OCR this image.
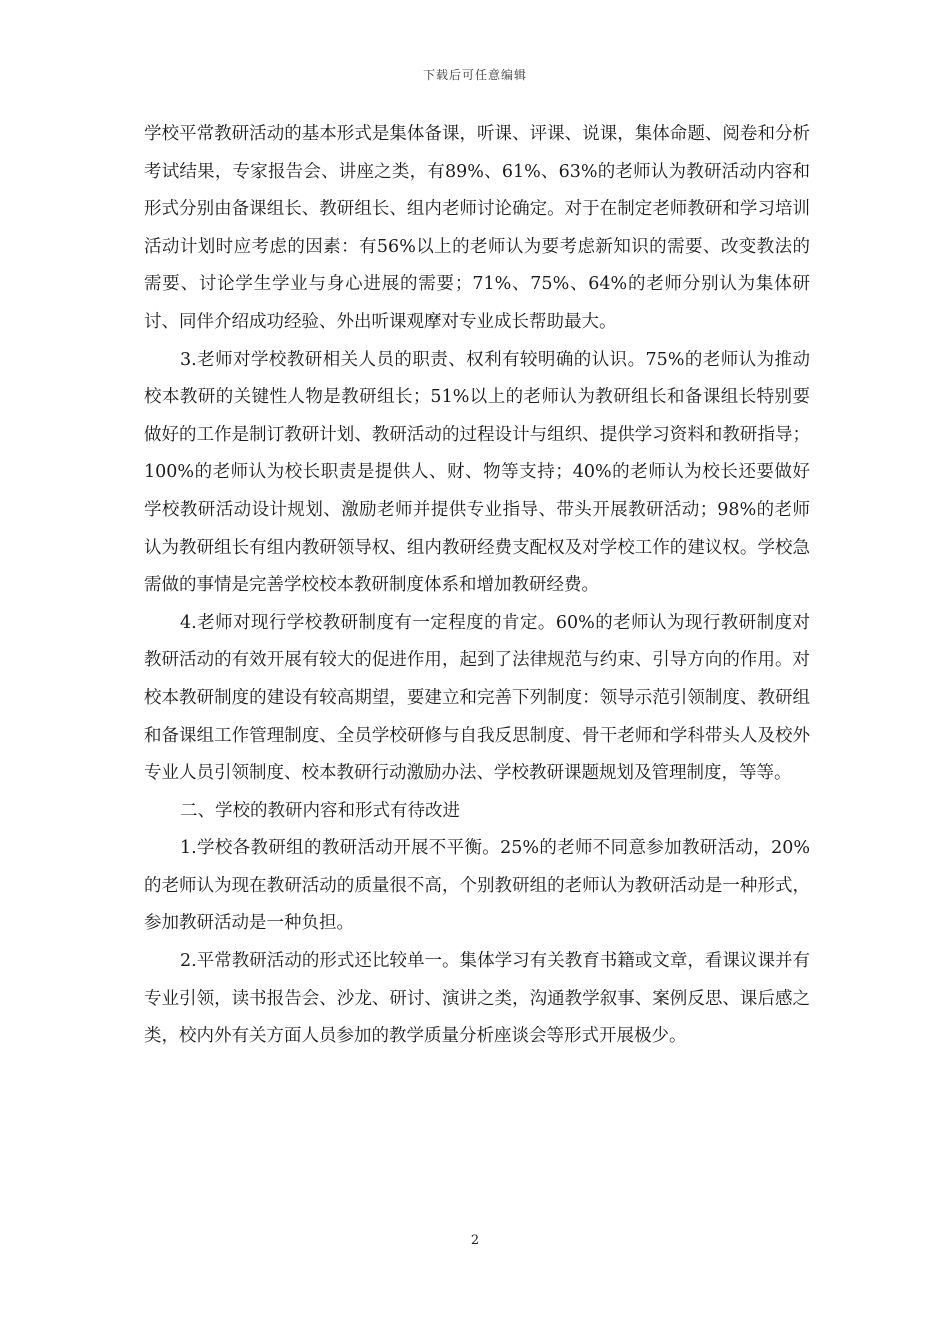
下载后可任意编辑

学校平常教研活动的基本形式是集体备课，听课、评课、说课，集体命题、阅卷和分析考试结果，专家报告会、讲座之类，有89%、61%、63%的老师认为教研活动内容和形式分别由备课组长、教研组长、组内老师讨论确定。对于在制定老师教研和学习培训活动计划时应考虑的因素：有56%以上的老师认为要考虑新知识的需要、改变教法的需要、讨论学生学业与身心进展的需要；71%、75%、64%的老师分别认为集体研讨、同伴介绍成功经验、外出听课观摩对专业成长帮助最大。

3.老师对学校教研相关人员的职责、权利有较明确的认识。75%的老师认为推动校本教研的关键性人物是教研组长；51%以上的老师认为教研组长和备课组长特别要做好的工作是制订教研计划、教研活动的过程设计与组织、提供学习资料和教研指导；100%的老师认为校长职责是提供人、财、物等支持；40%的老师认为校长还要做好学校教研活动设计规划、激励老师并提供专业指导、带头开展教研活动；98%的老师认为教研组长有组内教研领导权、组内教研经费支配权及对学校工作的建议权。学校急需做的事情是完善学校校本教研制度体系和增加教研经费。

4.老师对现行学校教研制度有一定程度的肯定。60%的老师认为现行教研制度对教研活动的有效开展有较大的促进作用，起到了法律规范与约束、引导方向的作用。对校本教研制度的建设有较高期望，要建立和完善下列制度：领导示范引领制度、教研组和备课组工作管理制度、全员学校研修与自我反思制度、骨干老师和学科带头人及校外专业人员引领制度、校本教研行动激励办法、学校教研课题规划及管理制度，等等。

二、学校的教研内容和形式有待改进

1.学校各教研组的教研活动开展不平衡。25%的老师不同意参加教研活动，20%的老师认为现在教研活动的质量很不高，个别教研组的老师认为教研活动是一种形式，参加教研活动是一种负担。

2.平常教研活动的形式还比较单一。集体学习有关教育书籍或文章，看课议课并有专业引领，读书报告会、沙龙、研讨、演讲之类，沟通教学叙事、案例反思、课后感之类，校内外有关方面人员参加的教学质量分析座谈会等形式开展极少。

2
